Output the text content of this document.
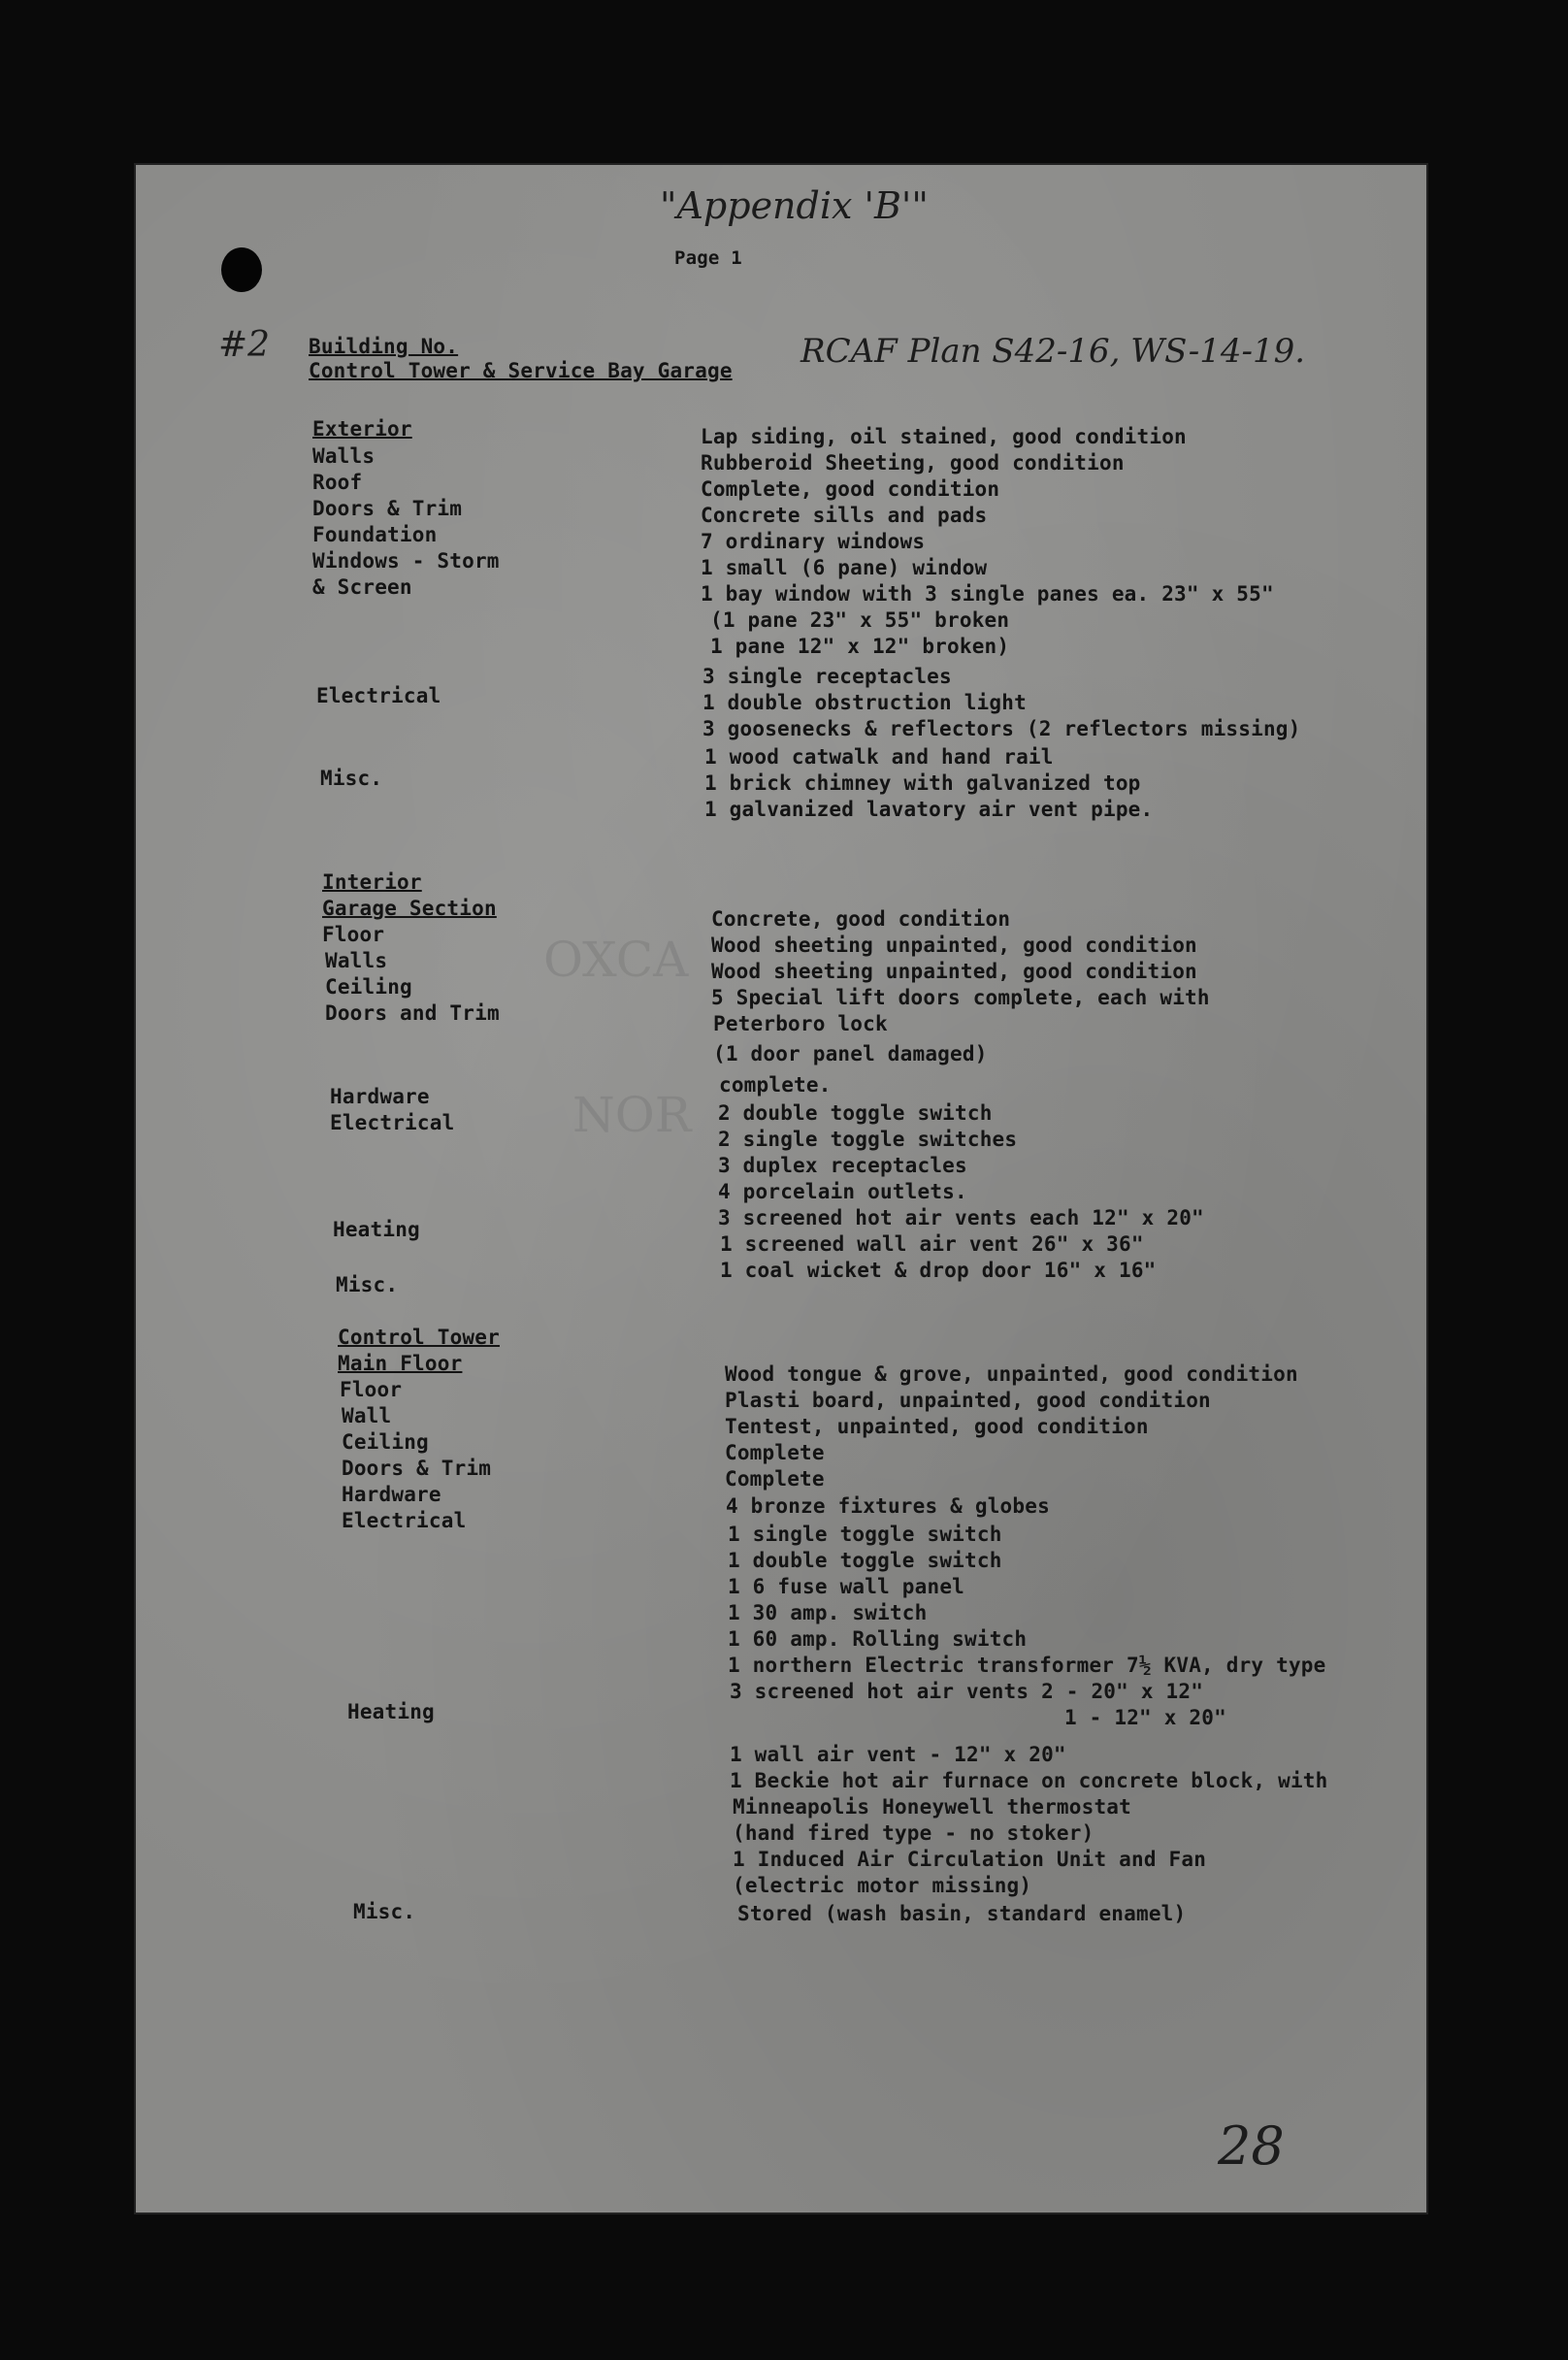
OXCA
NOR
"Appendix 'B'"
Page 1
#2 Building No.
Control Tower & Service Bay Garage RCAF Plan S42-16, WS-14-19.
Exterior
Walls
Roof
Doors & Trim
Foundation
Windows - Storm
& Screen
Electrical
Misc.
Lap siding, oil stained, good condition
Rubberoid Sheeting, good condition
Complete, good condition
Concrete sills and pads
7 ordinary windows
1 small (6 pane) window
1 bay window with 3 single panes ea. 23" x 55"
(1 pane 23" x 55" broken
1 pane 12" x 12" broken)
3 single receptacles
1 double obstruction light
3 goosenecks & reflectors (2 reflectors missing)
1 wood catwalk and hand rail
1 brick chimney with galvanized top
1 galvanized lavatory air vent pipe.
Interior
Garage Section
Floor
Walls
Ceiling
Doors and Trim
Hardware
Electrical
Heating
Misc.
Concrete, good condition
Wood sheeting unpainted, good condition
Wood sheeting unpainted, good condition
5 Special lift doors complete, each with
Peterboro lock
(1 door panel damaged)
complete.
2 double toggle switch
2 single toggle switches
3 duplex receptacles
4 porcelain outlets.
3 screened hot air vents each 12" x 20"
1 screened wall air vent 26" x 36"
1 coal wicket & drop door 16" x 16"
Control Tower
Main Floor
Floor
Wall
Ceiling
Doors & Trim
Hardware
Electrical
Heating
Misc.
Wood tongue & grove, unpainted, good condition
Plasti board, unpainted, good condition
Tentest, unpainted, good condition
Complete
Complete
4 bronze fixtures & globes
1 single toggle switch
1 double toggle switch
1 6 fuse wall panel
1 30 amp. switch
1 60 amp. Rolling switch
1 northern Electric transformer 7½ KVA, dry type
3 screened hot air vents 2 - 20" x 12"
1 - 12" x 20"
1 wall air vent - 12" x 20"
1 Beckie hot air furnace on concrete block, with
Minneapolis Honeywell thermostat
(hand fired type - no stoker)
1 Induced Air Circulation Unit and Fan
(electric motor missing)
Stored (wash basin, standard enamel)
28
